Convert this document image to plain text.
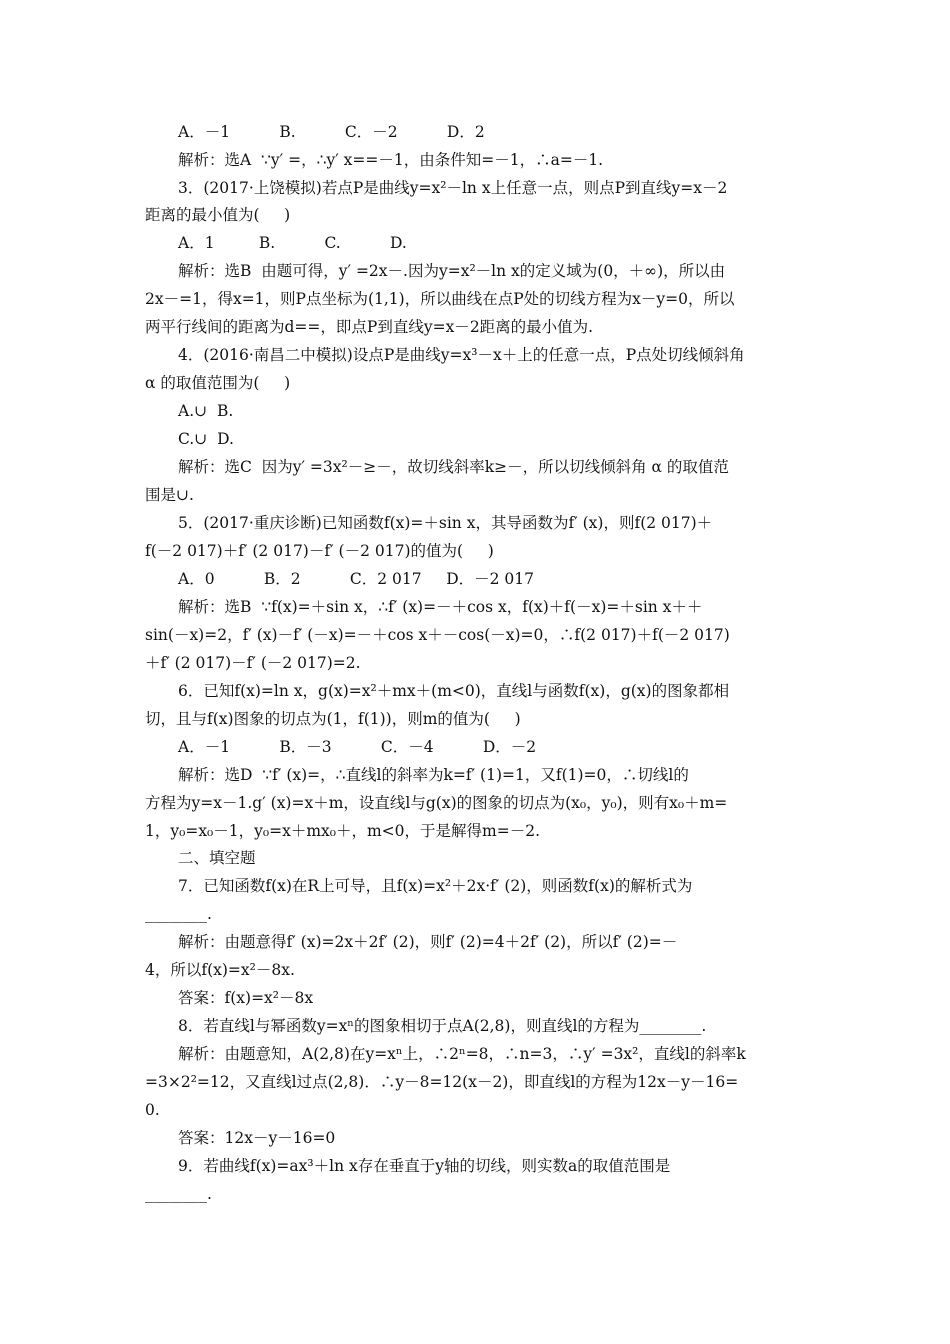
A．－1          B.          C．－2          D．2

解析：选A  ∵y′ =，∴y′ x==－1，由条件知=－1，∴a=－1.

3．(2017·上饶模拟)若点P是曲线y=x²－ln x上任意一点，则点P到直线y=x－2

距离的最小值为(     )

A．1         B.          C.          D.

解析：选B  由题可得，y′ =2x－.因为y=x²－ln x的定义域为(0，＋∞)，所以由

2x－=1，得x=1，则P点坐标为(1,1)，所以曲线在点P处的切线方程为x－y=0，所以

两平行线间的距离为d==，即点P到直线y=x－2距离的最小值为.

4．(2016·南昌二中模拟)设点P是曲线y=x³－x＋上的任意一点，P点处切线倾斜角

α 的取值范围为(     )

A.∪  B.

C.∪  D.

解析：选C  因为y′ =3x²－≥－，故切线斜率k≥－，所以切线倾斜角 α 的取值范

围是∪.

5．(2017·重庆诊断)已知函数f(x)=＋sin x，其导函数为f′ (x)，则f(2 017)＋

f(－2 017)＋f′ (2 017)－f′ (－2 017)的值为(     )

A．0          B．2          C．2 017     D．－2 017

解析：选B  ∵f(x)=＋sin x，∴f′ (x)=－＋cos x，f(x)＋f(－x)=＋sin x＋＋

sin(－x)=2，f′ (x)－f′ (－x)=－＋cos x＋－cos(－x)=0，∴f(2 017)＋f(－2 017)

＋f′ (2 017)－f′ (－2 017)=2.

6．已知f(x)=ln x，g(x)=x²＋mx＋(m<0)，直线l与函数f(x)，g(x)的图象都相

切，且与f(x)图象的切点为(1，f(1))，则m的值为(     )

A．－1          B．－3          C．－4          D．－2

解析：选D  ∵f′ (x)=，∴直线l的斜率为k=f′ (1)=1，又f(1)=0，∴切线l的

方程为y=x－1.g′ (x)=x＋m，设直线l与g(x)的图象的切点为(x₀，y₀)，则有x₀＋m=

1，y₀=x₀－1，y₀=x＋mx₀＋，m<0，于是解得m=－2.

二、填空题

7．已知函数f(x)在R上可导，且f(x)=x²＋2x·f′ (2)，则函数f(x)的解析式为

________.

解析：由题意得f′ (x)=2x＋2f′ (2)，则f′ (2)=4＋2f′ (2)，所以f′ (2)=－

4，所以f(x)=x²－8x.

答案：f(x)=x²－8x

8．若直线l与幂函数y=xⁿ的图象相切于点A(2,8)，则直线l的方程为________.

解析：由题意知，A(2,8)在y=xⁿ上，∴2ⁿ=8，∴n=3，∴y′ =3x²，直线l的斜率k

=3×2²=12，又直线l过点(2,8)．∴y－8=12(x－2)，即直线l的方程为12x－y－16=

0.

答案：12x－y－16=0

9．若曲线f(x)=ax³＋ln x存在垂直于y轴的切线，则实数a的取值范围是

________.
